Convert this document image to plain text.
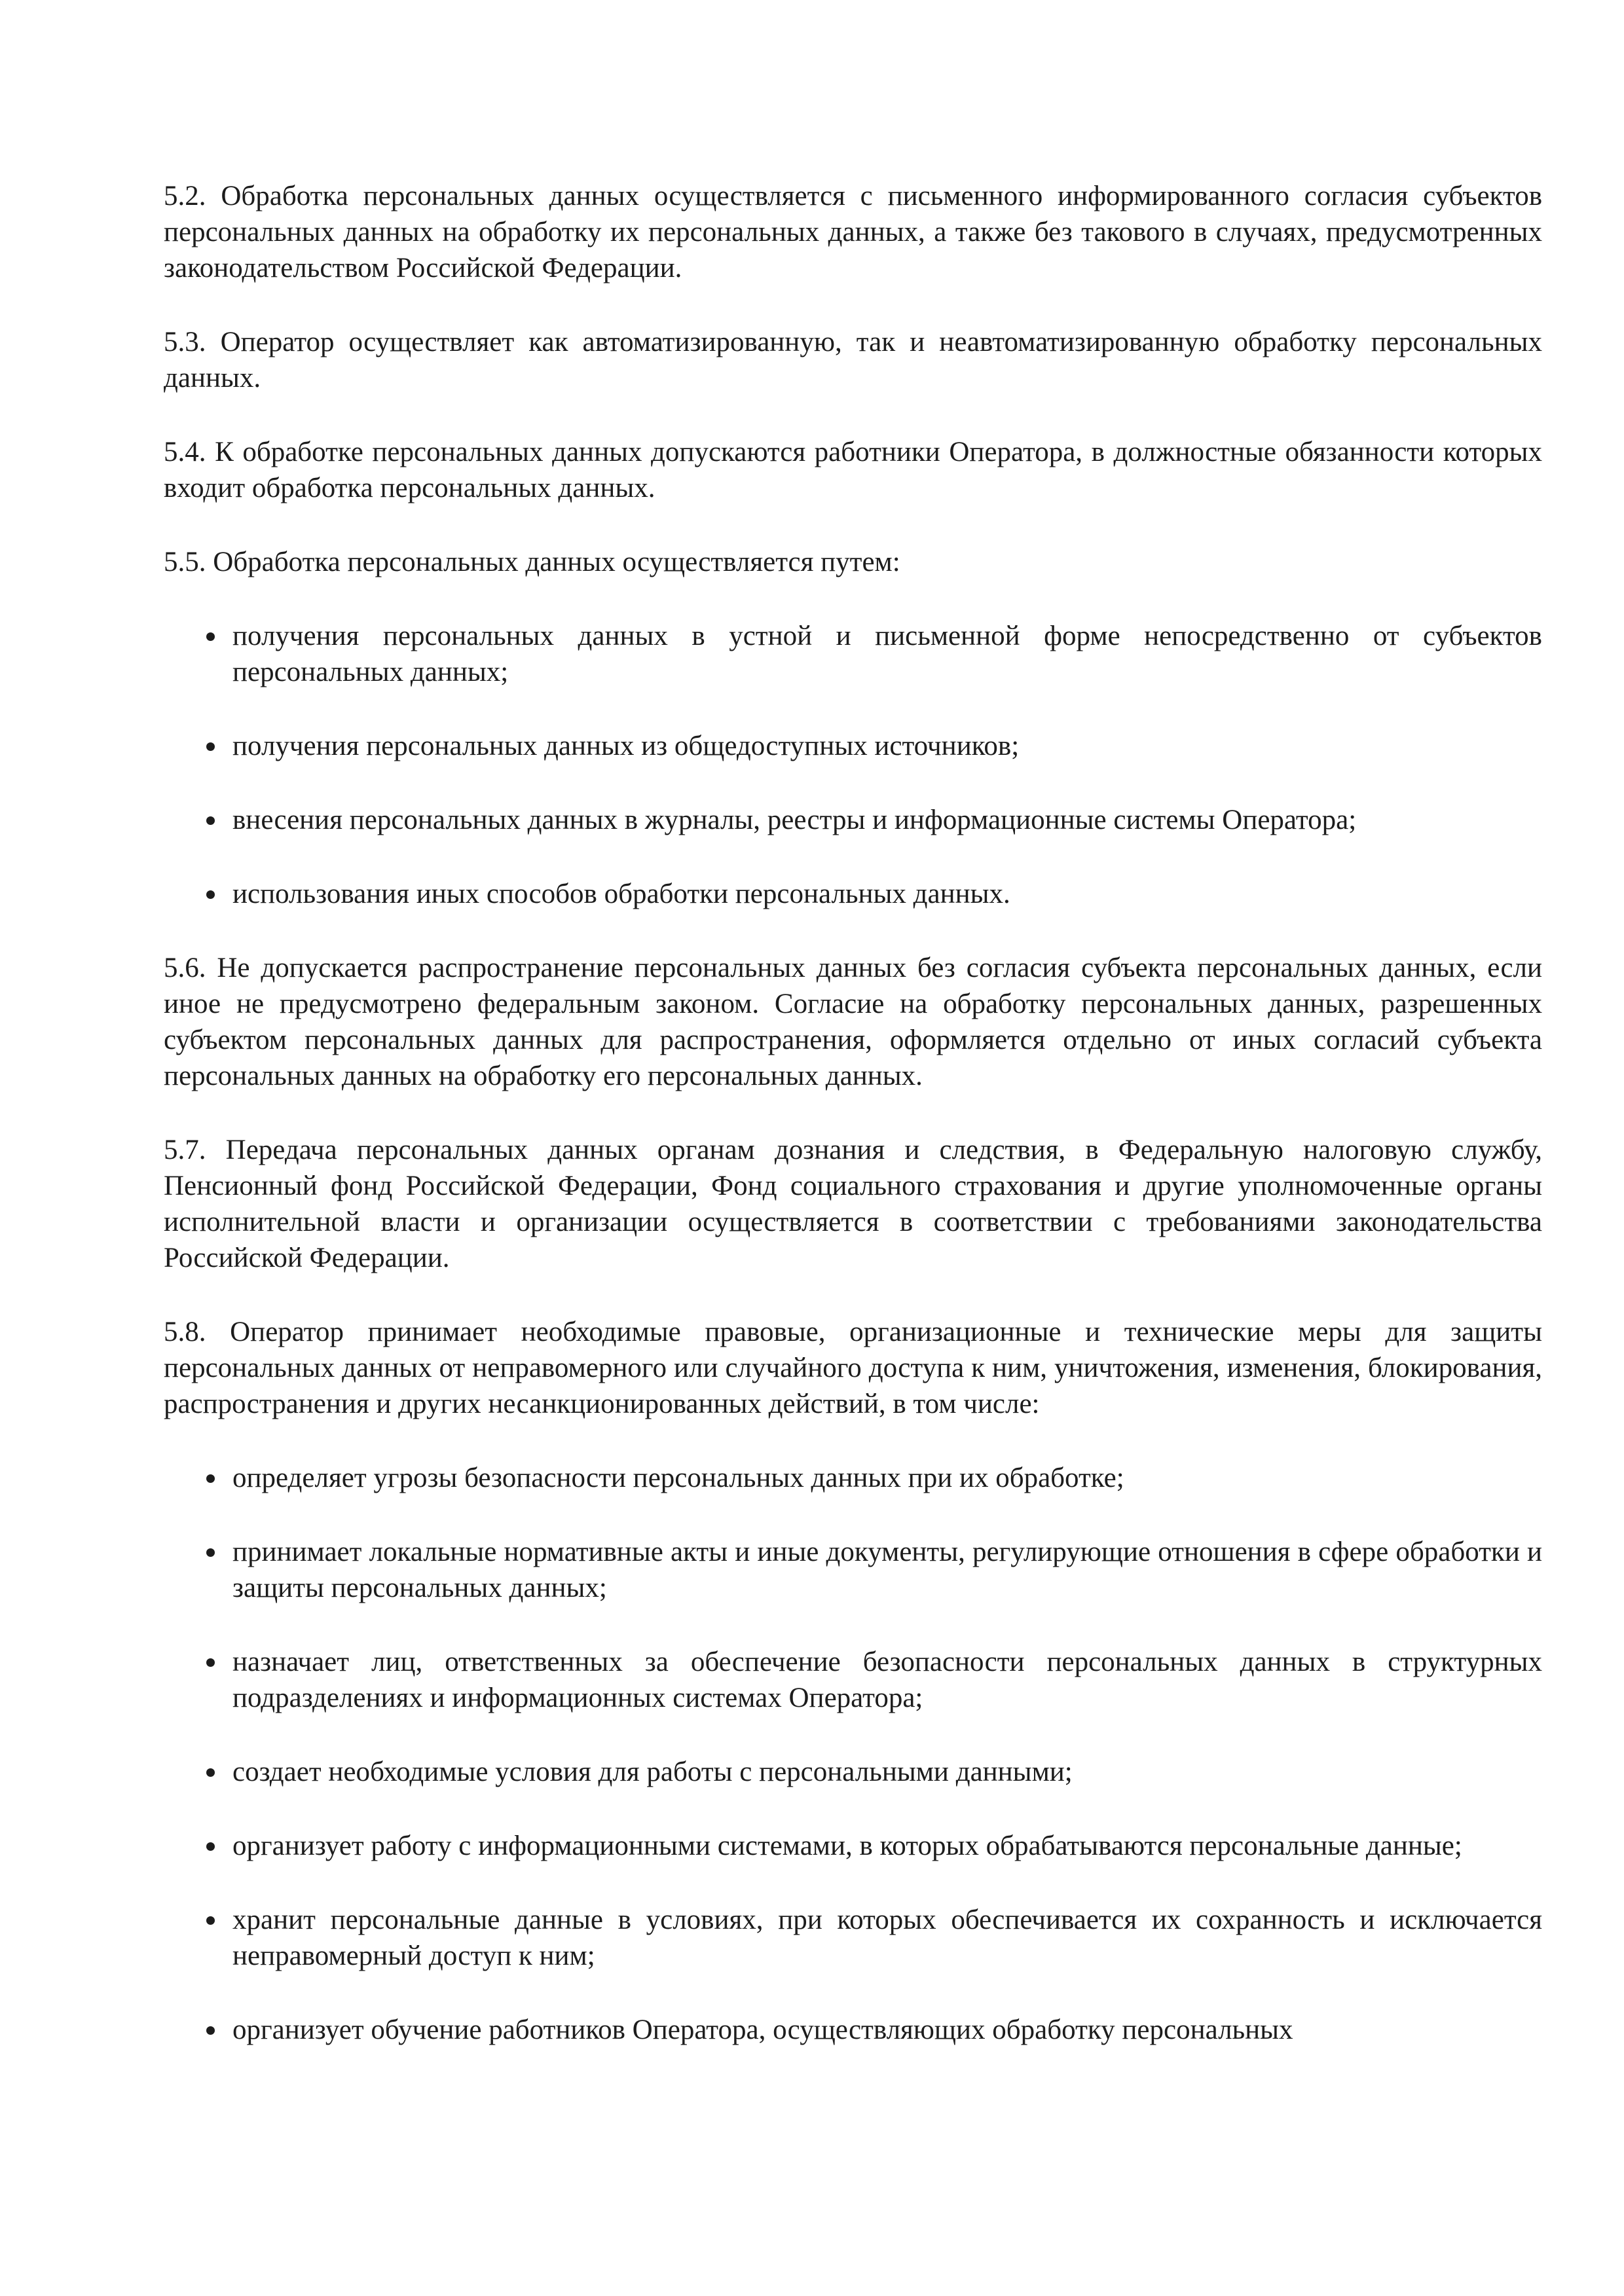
5.2. Обработка персональных данных осуществляется с письменного информированного согласия субъектов персональных данных на обработку их персональных данных, а также без такового в случаях, предусмотренных законодательством Российской Федерации.

5.3. Оператор осуществляет как автоматизированную, так и неавтоматизированную обработку персональных данных.

5.4. К обработке персональных данных допускаются работники Оператора, в должностные обязанности которых входит обработка персональных данных.

5.5. Обработка персональных данных осуществляется путем:

получения персональных данных в устной и письменной форме непосредственно от субъектов персональных данных;
получения персональных данных из общедоступных источников;
внесения персональных данных в журналы, реестры и информационные системы Оператора;
использования иных способов обработки персональных данных.

5.6. Не допускается распространение персональных данных без согласия субъекта персональных данных, если иное не предусмотрено федеральным законом. Согласие на обработку персональных данных, разрешенных субъектом персональных данных для распространения, оформляется отдельно от иных согласий субъекта персональных данных на обработку его персональных данных.

5.7. Передача персональных данных органам дознания и следствия, в Федеральную налоговую службу, Пенсионный фонд Российской Федерации, Фонд социального страхования и другие уполномоченные органы исполнительной власти и организации осуществляется в соответствии с требованиями законодательства Российской Федерации.

5.8. Оператор принимает необходимые правовые, организационные и технические меры для защиты персональных данных от неправомерного или случайного доступа к ним, уничтожения, изменения, блокирования, распространения и других несанкционированных действий, в том числе:

определяет угрозы безопасности персональных данных при их обработке;
принимает локальные нормативные акты и иные документы, регулирующие отношения в сфере обработки и защиты персональных данных;
назначает лиц, ответственных за обеспечение безопасности персональных данных в структурных подразделениях и информационных системах Оператора;
создает необходимые условия для работы с персональными данными;
организует работу с информационными системами, в которых обрабатываются персональные данные;
хранит персональные данные в условиях, при которых обеспечивается их сохранность и исключается неправомерный доступ к ним;
организует обучение работников Оператора, осуществляющих обработку персональных
